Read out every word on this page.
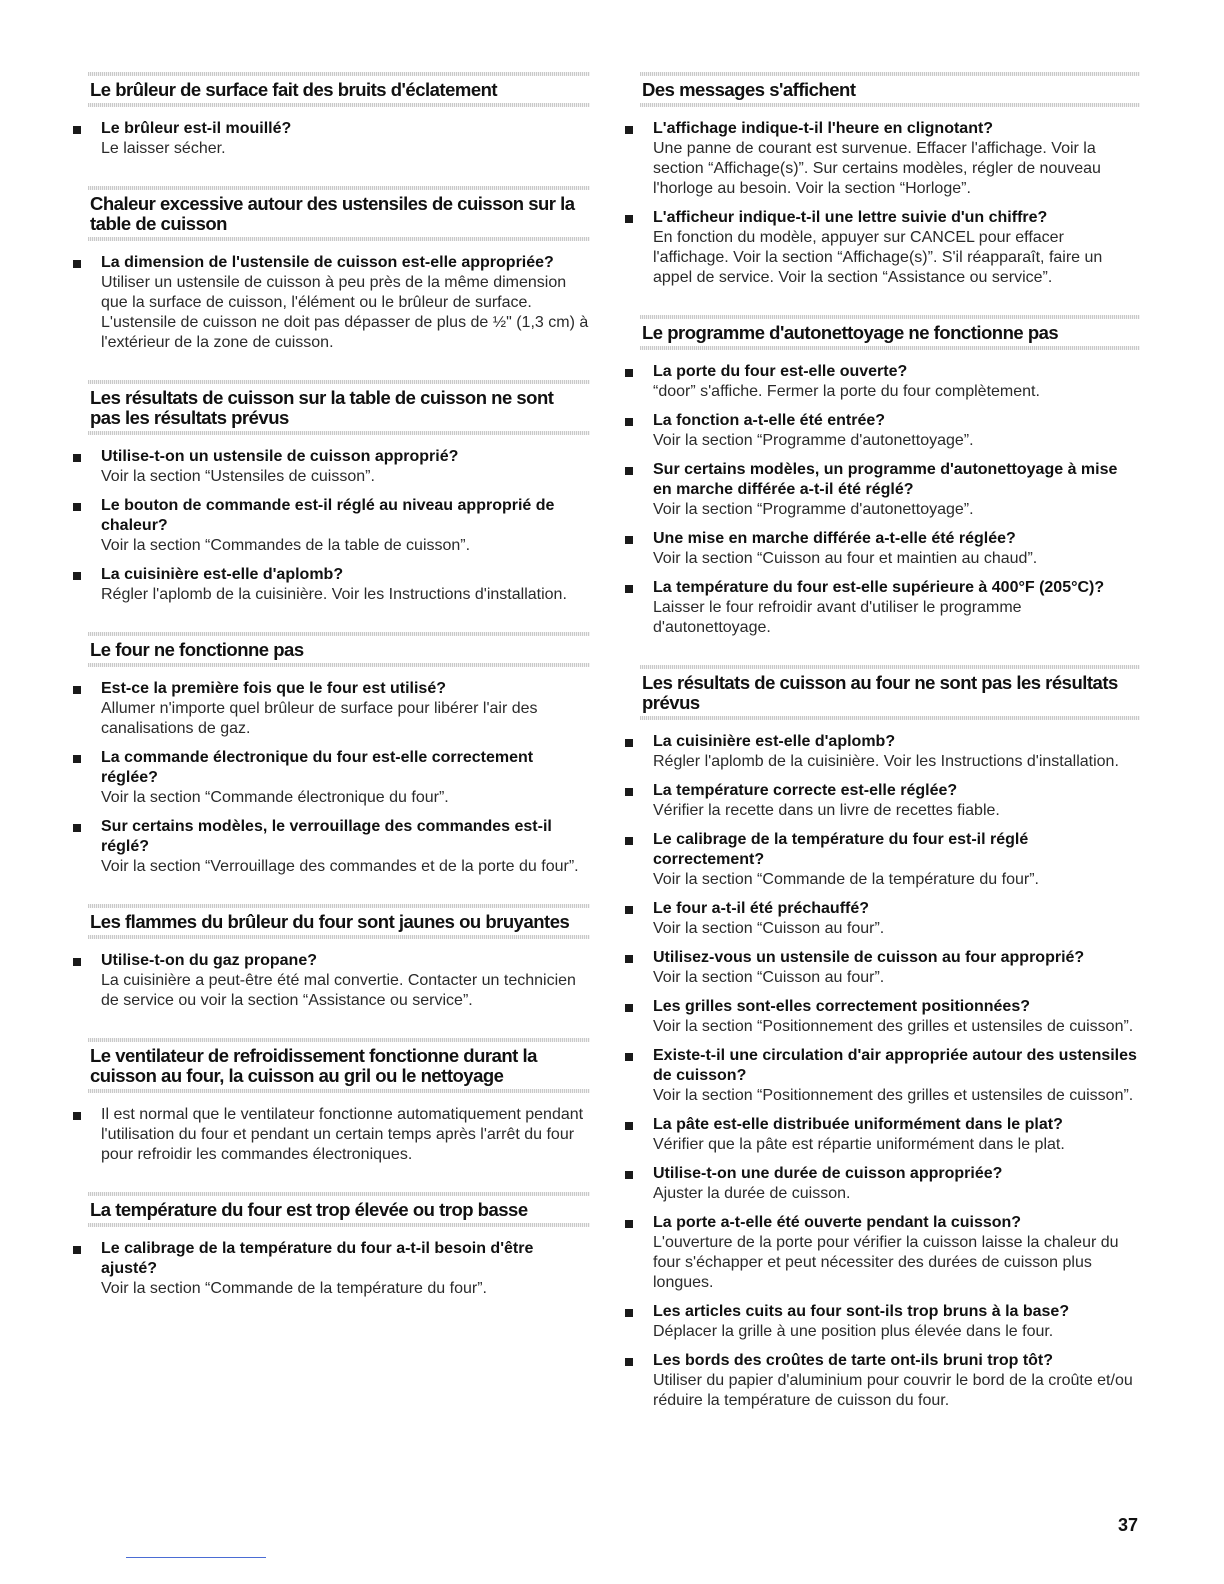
Le brûleur de surface fait des bruits d'éclatement
Le brûleur est-il mouillé?
Le laisser sécher.
Chaleur excessive autour des ustensiles de cuisson sur la table de cuisson
La dimension de l'ustensile de cuisson est-elle appropriée?
Utiliser un ustensile de cuisson à peu près de la même dimension que la surface de cuisson, l'élément ou le brûleur de surface. L'ustensile de cuisson ne doit pas dépasser de plus de ½" (1,3 cm) à l'extérieur de la zone de cuisson.
Les résultats de cuisson sur la table de cuisson ne sont pas les résultats prévus
Utilise-t-on un ustensile de cuisson approprié?
Voir la section “Ustensiles de cuisson”.
Le bouton de commande est-il réglé au niveau approprié de chaleur?
Voir la section “Commandes de la table de cuisson”.
La cuisinière est-elle d'aplomb?
Régler l'aplomb de la cuisinière. Voir les Instructions d'installation.
Le four ne fonctionne pas
Est-ce la première fois que le four est utilisé?
Allumer n'importe quel brûleur de surface pour libérer l'air des canalisations de gaz.
La commande électronique du four est-elle correctement réglée?
Voir la section “Commande électronique du four”.
Sur certains modèles, le verrouillage des commandes est-il réglé?
Voir la section “Verrouillage des commandes et de la porte du four”.
Les flammes du brûleur du four sont jaunes ou bruyantes
Utilise-t-on du gaz propane?
La cuisinière a peut-être été mal convertie. Contacter un technicien de service ou voir la section “Assistance ou service”.
Le ventilateur de refroidissement fonctionne durant la cuisson au four, la cuisson au gril ou le nettoyage
Il est normal que le ventilateur fonctionne automatiquement pendant l'utilisation du four et pendant un certain temps après l'arrêt du four pour refroidir les commandes électroniques.
La température du four est trop élevée ou trop basse
Le calibrage de la température du four a-t-il besoin d'être ajusté?
Voir la section “Commande de la température du four”.
Des messages s'affichent
L'affichage indique-t-il l'heure en clignotant?
Une panne de courant est survenue. Effacer l'affichage. Voir la section “Affichage(s)”. Sur certains modèles, régler de nouveau l'horloge au besoin. Voir la section “Horloge”.
L'afficheur indique-t-il une lettre suivie d'un chiffre?
En fonction du modèle, appuyer sur CANCEL pour effacer l'affichage. Voir la section “Affichage(s)”. S'il réapparaît, faire un appel de service. Voir la section “Assistance ou service”.
Le programme d'autonettoyage ne fonctionne pas
La porte du four est-elle ouverte?
“door” s'affiche. Fermer la porte du four complètement.
La fonction a-t-elle été entrée?
Voir la section “Programme d'autonettoyage”.
Sur certains modèles, un programme d'autonettoyage à mise en marche différée a-t-il été réglé?
Voir la section “Programme d'autonettoyage”.
Une mise en marche différée a-t-elle été réglée?
Voir la section “Cuisson au four et maintien au chaud”.
La température du four est-elle supérieure à 400°F (205°C)?
Laisser le four refroidir avant d'utiliser le programme d'autonettoyage.
Les résultats de cuisson au four ne sont pas les résultats prévus
La cuisinière est-elle d'aplomb?
Régler l'aplomb de la cuisinière. Voir les Instructions d'installation.
La température correcte est-elle réglée?
Vérifier la recette dans un livre de recettes fiable.
Le calibrage de la température du four est-il réglé correctement?
Voir la section “Commande de la température du four”.
Le four a-t-il été préchauffé?
Voir la section “Cuisson au four”.
Utilisez-vous un ustensile de cuisson au four approprié?
Voir la section “Cuisson au four”.
Les grilles sont-elles correctement positionnées?
Voir la section “Positionnement des grilles et ustensiles de cuisson”.
Existe-t-il une circulation d'air appropriée autour des ustensiles de cuisson?
Voir la section “Positionnement des grilles et ustensiles de cuisson”.
La pâte est-elle distribuée uniformément dans le plat?
Vérifier que la pâte est répartie uniformément dans le plat.
Utilise-t-on une durée de cuisson appropriée?
Ajuster la durée de cuisson.
La porte a-t-elle été ouverte pendant la cuisson?
L'ouverture de la porte pour vérifier la cuisson laisse la chaleur du four s'échapper et peut nécessiter des durées de cuisson plus longues.
Les articles cuits au four sont-ils trop bruns à la base?
Déplacer la grille à une position plus élevée dans le four.
Les bords des croûtes de tarte ont-ils bruni trop tôt?
Utiliser du papier d'aluminium pour couvrir le bord de la croûte et/ou réduire la température de cuisson du four.
37
